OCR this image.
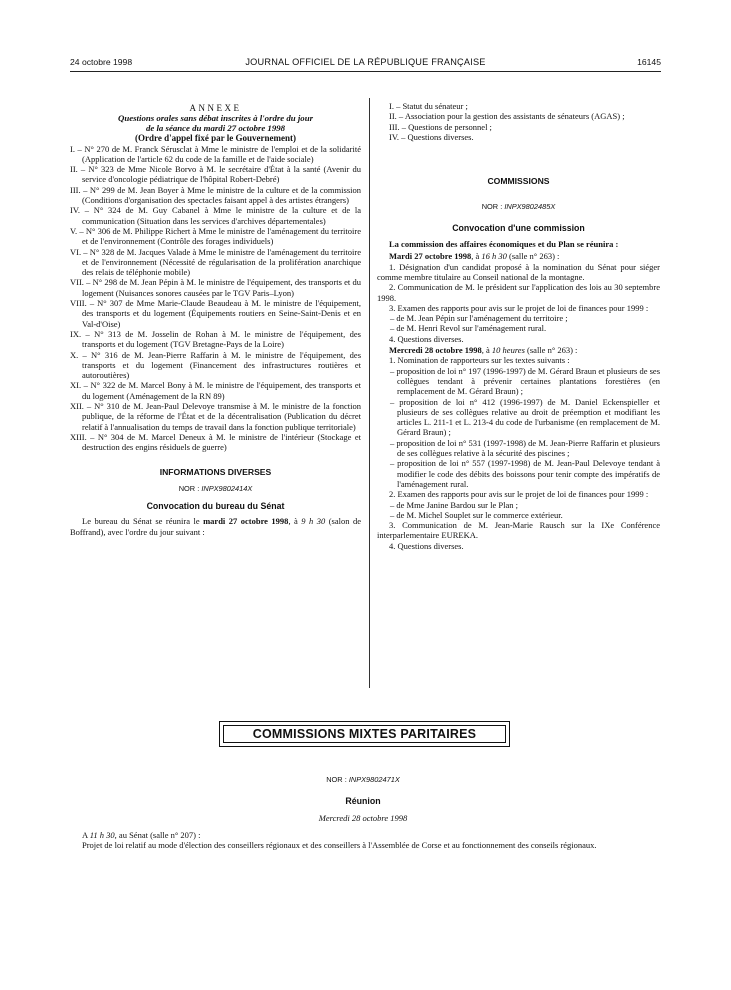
24 octobre 1998	JOURNAL OFFICIEL DE LA RÉPUBLIQUE FRANÇAISE	16145

ANNEXE

Questions orales sans débat inscrites à l'ordre du jour

de la séance du mardi 27 octobre 1998

(Ordre d'appel fixé par le Gouvernement)

I. – N° 270 de M. Franck Sérusclat à Mme le ministre de l'emploi et de la solidarité (Application de l'article 62 du code de la famille et de l'aide sociale)

II. – N° 323 de Mme Nicole Borvo à M. le secrétaire d'État à la santé (Avenir du service d'oncologie pédiatrique de l'hôpital Robert-Debré)

III. – N° 299 de M. Jean Boyer à Mme le ministre de la culture et de la commission (Conditions d'organisation des spectacles faisant appel à des artistes étrangers)

IV. – N° 324 de M. Guy Cabanel à Mme le ministre de la culture et de la communication (Situation dans les services d'archives départementales)

V. – N° 306 de M. Philippe Richert à Mme le ministre de l'aménagement du territoire et de l'environnement (Contrôle des forages individuels)

VI. – N° 328 de M. Jacques Valade à Mme le ministre de l'aménagement du territoire et de l'environnement (Nécessité de régularisation de la prolifération anarchique des relais de téléphonie mobile)

VII. – N° 298 de M. Jean Pépin à M. le ministre de l'équipement, des transports et du logement (Nuisances sonores causées par le TGV Paris–Lyon)

VIII. – N° 307 de Mme Marie-Claude Beaudeau à M. le ministre de l'équipement, des transports et du logement (Équipements routiers en Seine-Saint-Denis et en Val-d'Oise)

IX. – N° 313 de M. Josselin de Rohan à M. le ministre de l'équipement, des transports et du logement (TGV Bretagne-Pays de la Loire)

X. – N° 316 de M. Jean-Pierre Raffarin à M. le ministre de l'équipement, des transports et du logement (Financement des infrastructures routières et autoroutières)

XI. – N° 322 de M. Marcel Bony à M. le ministre de l'équipement, des transports et du logement (Aménagement de la RN 89)

XII. – N° 310 de M. Jean-Paul Delevoye transmise à M. le ministre de la fonction publique, de la réforme de l'État et de la décentralisation (Publication du décret relatif à l'annualisation du temps de travail dans la fonction publique territoriale)

XIII. – N° 304 de M. Marcel Deneux à M. le ministre de l'intérieur (Stockage et destruction des engins résiduels de guerre)

INFORMATIONS DIVERSES

NOR : INPX9802414X

Convocation du bureau du Sénat

Le bureau du Sénat se réunira le mardi 27 octobre 1998, à 9 h 30 (salon de Boffrand), avec l'ordre du jour suivant :

I. – Statut du sénateur ;

II. – Association pour la gestion des assistants de sénateurs (AGAS) ;

III. – Questions de personnel ;

IV. – Questions diverses.

COMMISSIONS

NOR : INPX9802485X

Convocation d'une commission

La commission des affaires économiques et du Plan se réunira :

Mardi 27 octobre 1998, à 16 h 30 (salle n° 263) :

1. Désignation d'un candidat proposé à la nomination du Sénat pour siéger comme membre titulaire au Conseil national de la montagne.

2. Communication de M. le président sur l'application des lois au 30 septembre 1998.

3. Examen des rapports pour avis sur le projet de loi de finances pour 1999 :

– de M. Jean Pépin sur l'aménagement du territoire ;

– de M. Henri Revol sur l'aménagement rural.

4. Questions diverses.

Mercredi 28 octobre 1998, à 10 heures (salle n° 263) :

1. Nomination de rapporteurs sur les textes suivants :

– proposition de loi n° 197 (1996-1997) de M. Gérard Braun et plusieurs de ses collègues tendant à prévenir certaines plantations forestières (en remplacement de M. Gérard Braun) ;

– proposition de loi n° 412 (1996-1997) de M. Daniel Eckenspieller et plusieurs de ses collègues relative au droit de préemption et modifiant les articles L. 211-1 et L. 213-4 du code de l'urbanisme (en remplacement de M. Gérard Braun) ;

– proposition de loi n° 531 (1997-1998) de M. Jean-Pierre Raffarin et plusieurs de ses collègues relative à la sécurité des piscines ;

– proposition de loi n° 557 (1997-1998) de M. Jean-Paul Delevoye tendant à modifier le code des débits des boissons pour tenir compte des impératifs de l'aménagement rural.

2. Examen des rapports pour avis sur le projet de loi de finances pour 1999 :

– de Mme Janine Bardou sur le Plan ;

– de M. Michel Souplet sur le commerce extérieur.

3. Communication de M. Jean-Marie Rausch sur la IXe Conférence interparlementaire EUREKA.

4. Questions diverses.

COMMISSIONS MIXTES PARITAIRES

NOR : INPX9802471X

Réunion

Mercredi 28 octobre 1998

A 11 h 30, au Sénat (salle n° 207) :

Projet de loi relatif au mode d'élection des conseillers régionaux et des conseillers à l'Assemblée de Corse et au fonctionnement des conseils régionaux.
